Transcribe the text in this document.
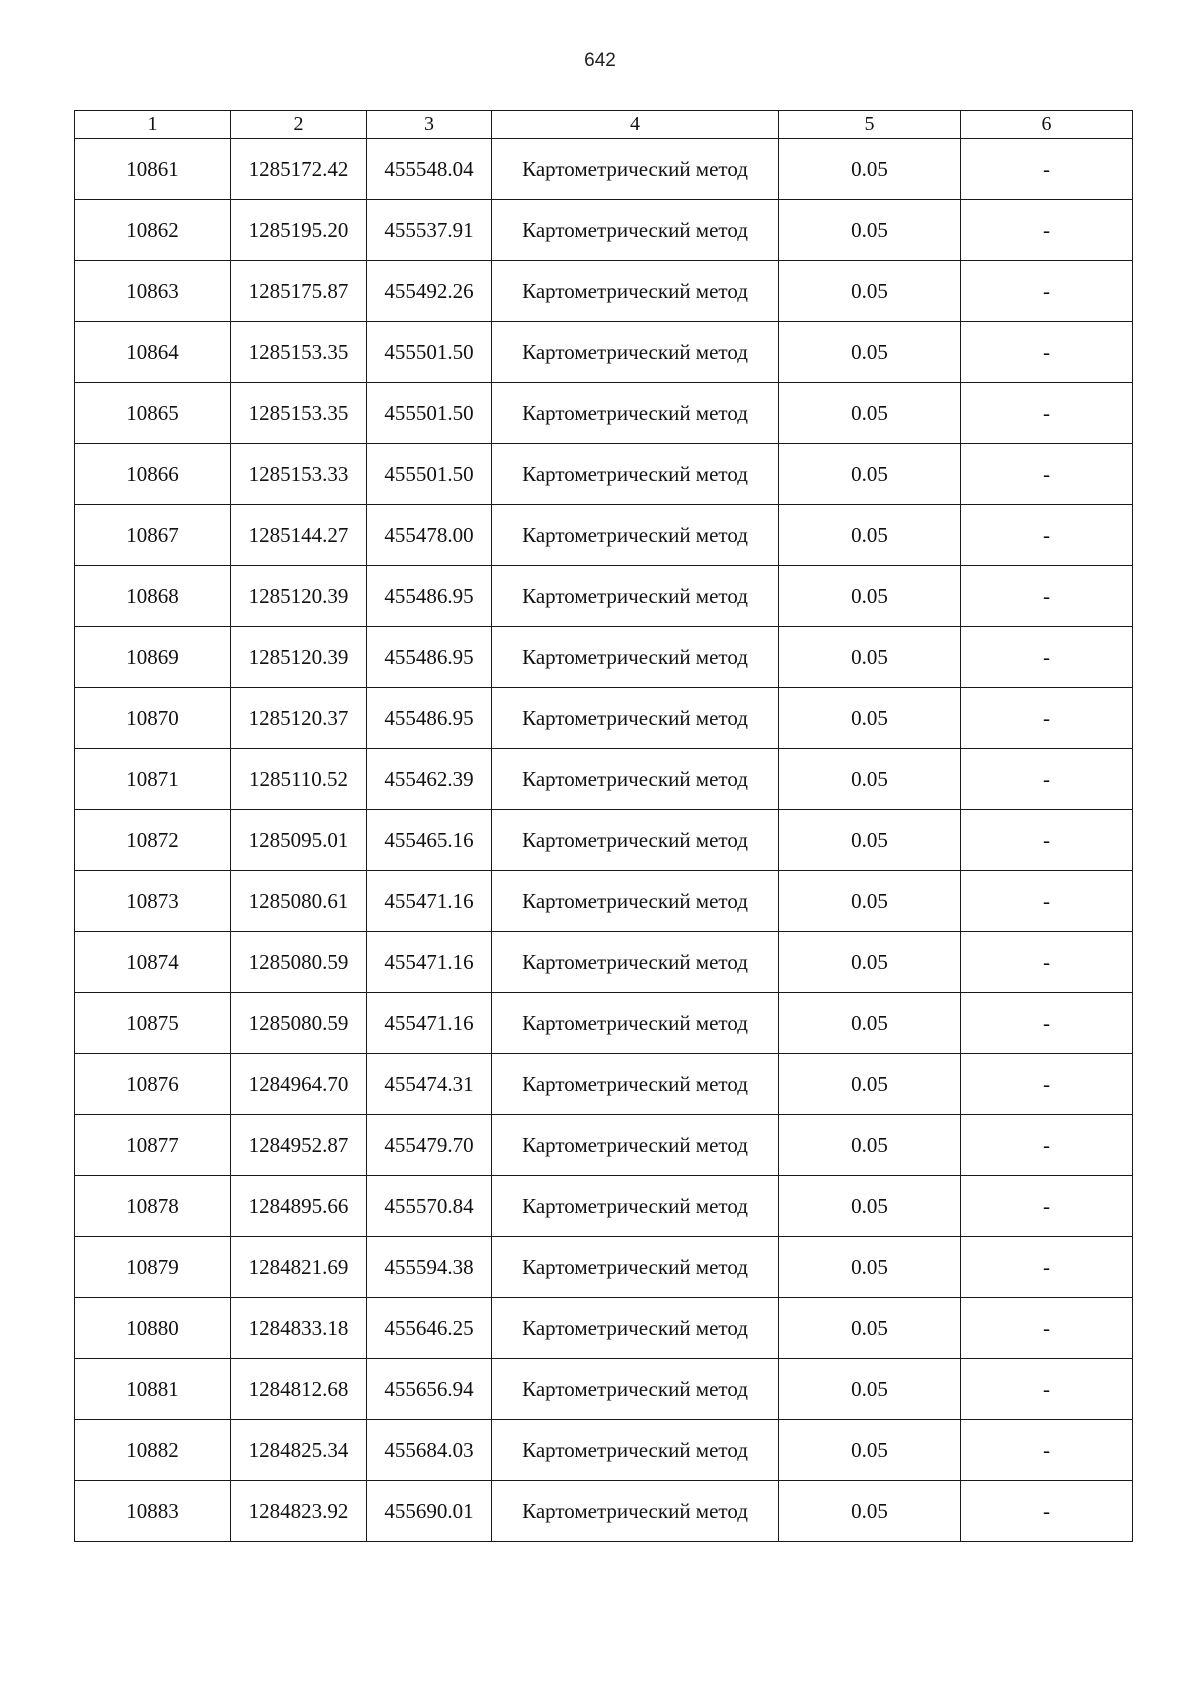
642
1	2	3	4	5	6
10861	1285172.42	455548.04	Картометрический метод	0.05	-
10862	1285195.20	455537.91	Картометрический метод	0.05	-
10863	1285175.87	455492.26	Картометрический метод	0.05	-
10864	1285153.35	455501.50	Картометрический метод	0.05	-
10865	1285153.35	455501.50	Картометрический метод	0.05	-
10866	1285153.33	455501.50	Картометрический метод	0.05	-
10867	1285144.27	455478.00	Картометрический метод	0.05	-
10868	1285120.39	455486.95	Картометрический метод	0.05	-
10869	1285120.39	455486.95	Картометрический метод	0.05	-
10870	1285120.37	455486.95	Картометрический метод	0.05	-
10871	1285110.52	455462.39	Картометрический метод	0.05	-
10872	1285095.01	455465.16	Картометрический метод	0.05	-
10873	1285080.61	455471.16	Картометрический метод	0.05	-
10874	1285080.59	455471.16	Картометрический метод	0.05	-
10875	1285080.59	455471.16	Картометрический метод	0.05	-
10876	1284964.70	455474.31	Картометрический метод	0.05	-
10877	1284952.87	455479.70	Картометрический метод	0.05	-
10878	1284895.66	455570.84	Картометрический метод	0.05	-
10879	1284821.69	455594.38	Картометрический метод	0.05	-
10880	1284833.18	455646.25	Картометрический метод	0.05	-
10881	1284812.68	455656.94	Картометрический метод	0.05	-
10882	1284825.34	455684.03	Картометрический метод	0.05	-
10883	1284823.92	455690.01	Картометрический метод	0.05	-
